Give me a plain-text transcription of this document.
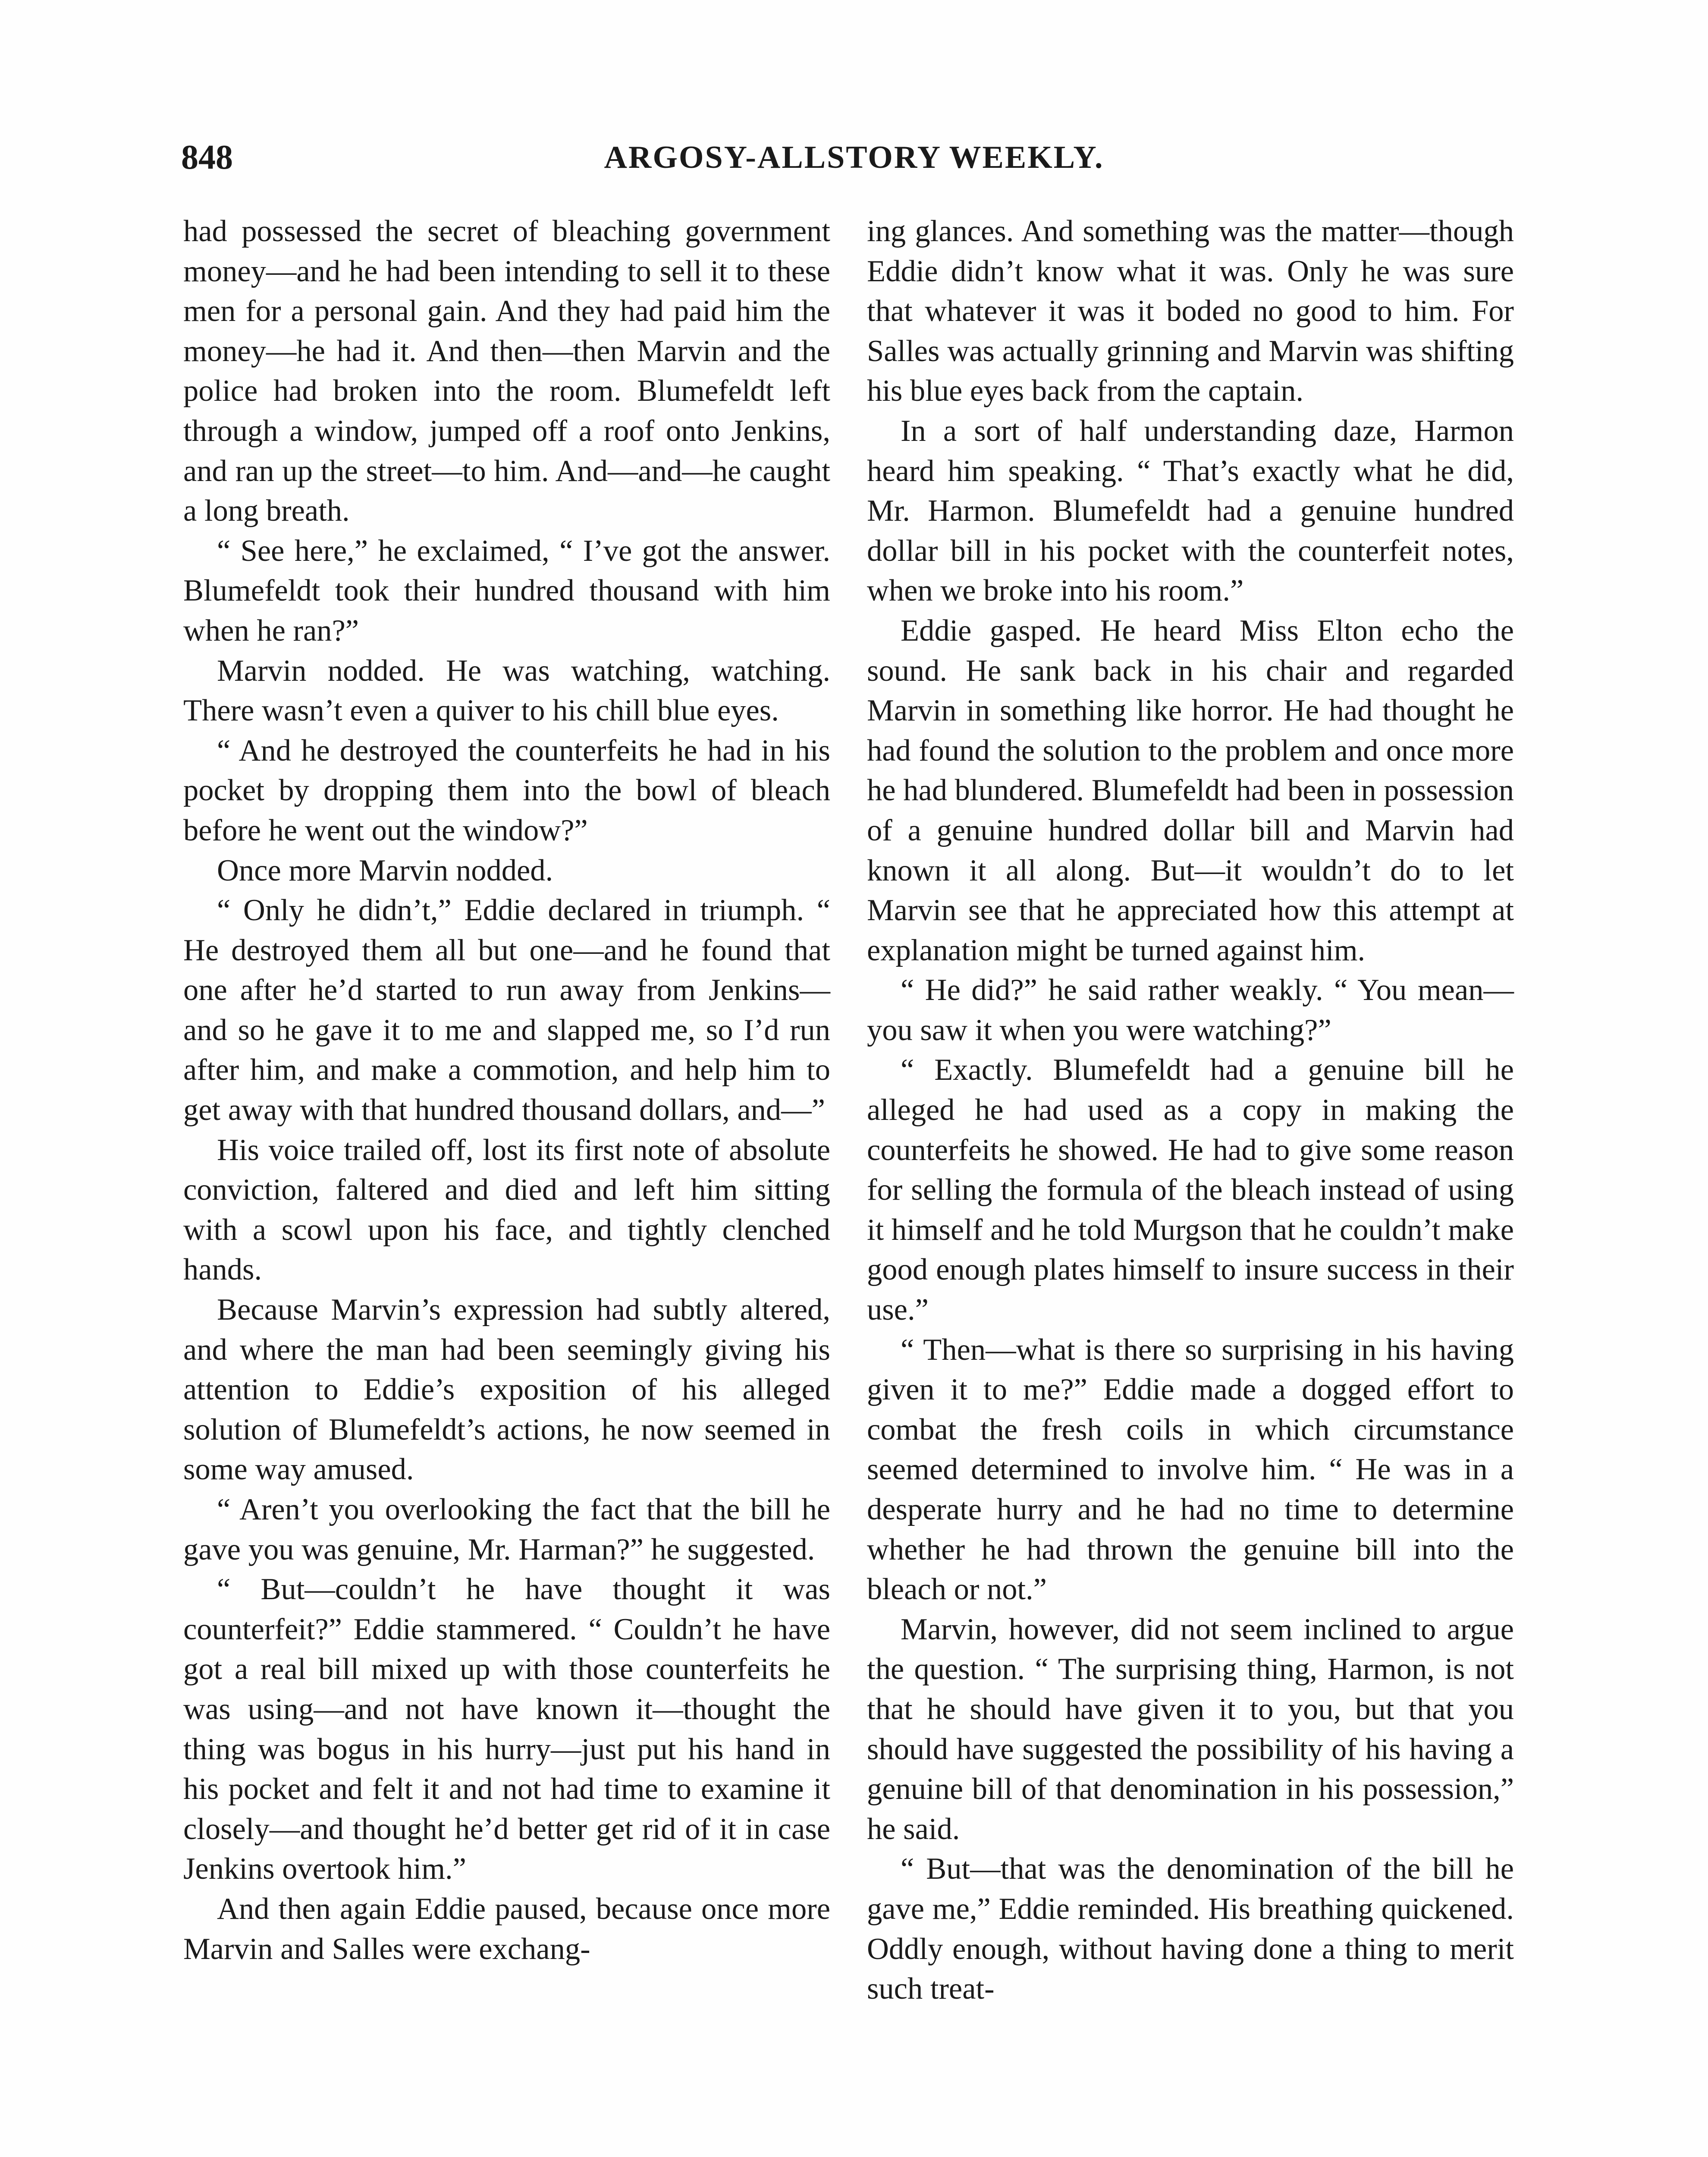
848	ARGOSY-ALLSTORY WEEKLY.

had possessed the secret of bleaching government money—and he had been intending to sell it to these men for a personal gain. And they had paid him the money—he had it. And then—then Marvin and the police had broken into the room. Blumefeldt left through a window, jumped off a roof onto Jenkins, and ran up the street—to him. And—and—he caught a long breath.

“ See here,” he exclaimed, “ I’ve got the answer. Blumefeldt took their hundred thousand with him when he ran?”

Marvin nodded. He was watching, watching. There wasn’t even a quiver to his chill blue eyes.

“ And he destroyed the counterfeits he had in his pocket by dropping them into the bowl of bleach before he went out the window?”

Once more Marvin nodded.

“ Only he didn’t,” Eddie declared in triumph. “ He destroyed them all but one—and he found that one after he’d started to run away from Jenkins—and so he gave it to me and slapped me, so I’d run after him, and make a commotion, and help him to get away with that hundred thousand dollars, and—”

His voice trailed off, lost its first note of absolute conviction, faltered and died and left him sitting with a scowl upon his face, and tightly clenched hands.

Because Marvin’s expression had subtly altered, and where the man had been seemingly giving his attention to Eddie’s exposition of his alleged solution of Blumefeldt’s actions, he now seemed in some way amused.

“ Aren’t you overlooking the fact that the bill he gave you was genuine, Mr. Harman?” he suggested.

“ But—couldn’t he have thought it was counterfeit?” Eddie stammered. “ Couldn’t he have got a real bill mixed up with those counterfeits he was using—and not have known it—thought the thing was bogus in his hurry—just put his hand in his pocket and felt it and not had time to examine it closely—and thought he’d better get rid of it in case Jenkins overtook him.”

And then again Eddie paused, because once more Marvin and Salles were exchang-

ing glances. And something was the matter—though Eddie didn’t know what it was. Only he was sure that whatever it was it boded no good to him. For Salles was actually grinning and Marvin was shifting his blue eyes back from the captain.

In a sort of half understanding daze, Harmon heard him speaking. “ That’s exactly what he did, Mr. Harmon. Blumefeldt had a genuine hundred dollar bill in his pocket with the counterfeit notes, when we broke into his room.”

Eddie gasped. He heard Miss Elton echo the sound. He sank back in his chair and regarded Marvin in something like horror. He had thought he had found the solution to the problem and once more he had blundered. Blumefeldt had been in possession of a genuine hundred dollar bill and Marvin had known it all along. But—it wouldn’t do to let Marvin see that he appreciated how this attempt at explanation might be turned against him.

“ He did?” he said rather weakly. “ You mean—you saw it when you were watching?”

“ Exactly. Blumefeldt had a genuine bill he alleged he had used as a copy in making the counterfeits he showed. He had to give some reason for selling the formula of the bleach instead of using it himself and he told Murgson that he couldn’t make good enough plates himself to insure success in their use.”

“ Then—what is there so surprising in his having given it to me?” Eddie made a dogged effort to combat the fresh coils in which circumstance seemed determined to involve him. “ He was in a desperate hurry and he had no time to determine whether he had thrown the genuine bill into the bleach or not.”

Marvin, however, did not seem inclined to argue the question. “ The surprising thing, Harmon, is not that he should have given it to you, but that you should have suggested the possibility of his having a genuine bill of that denomination in his possession,” he said.

“ But—that was the denomination of the bill he gave me,” Eddie reminded. His breathing quickened. Oddly enough, without having done a thing to merit such treat-
